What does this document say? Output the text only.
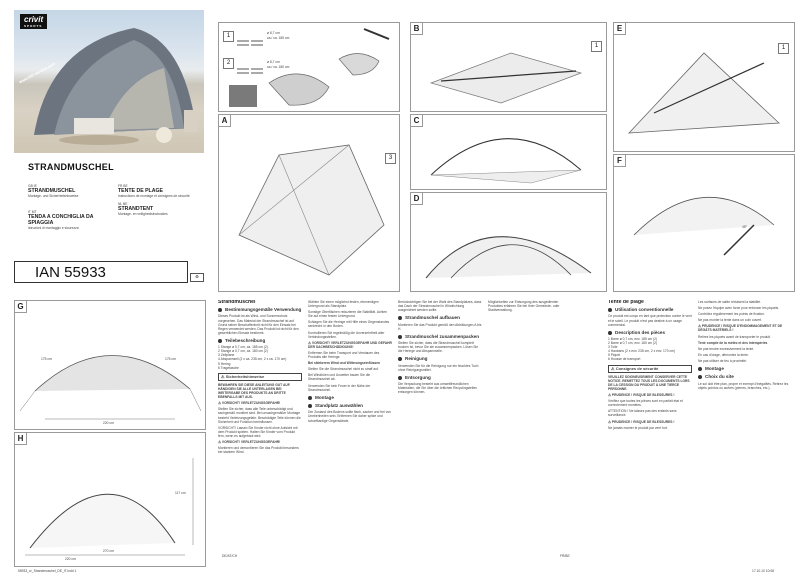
crivit
SPORTS
www.lidl-service.com
STRANDMUSCHEL
GB IE
STRANDMUSCHEL
Montage- und Sicherheitshinweise
IT MT
TENDA A CONCHIGLIA DA SPIAGGIA
Istruzioni di montaggio e sicurezza
FR BE
TENTE DE PLAGE
Instructions de montage et consignes de sécurité
NL BE
STRANDTENT
Montage- en veiligheidsinstructies
IAN 55933	♻
1
2
ø 8,7 cm
ca./ ca. 185 cm
ø 8,7 cm
ca./ ca. 180 cm
A
3
B
1
C
D
E
1
F
45°
G
175 cm	175 cm
220 cm
H
117 cm
270 cm
220 cm
Strandmuschel
Bestimmungsgemäße Verwendung

Dieses Produkt ist als Wind- und Sonnenschutz vorgesehen. Das Material der Strandmuschel ist auf Grund seiner Beschaffenheit nicht für den Einsatz bei Regen verwendet werden. Das Produkt ist nicht für den gewerblichen Einsatz bestimmt.

Teilebeschreibung
1 Stange ø 0,7 cm, ca. 185 cm (2)
2 Stange ø 0,7 cm, ca. 180 cm (2)
3 Zeltplane
4 Abspannseil (2 x ca. 235 cm, 2 x ca. 170 cm)
5 Hering
6 Tragetasche
⚠ Sicherheitshinweise

BEWAHREN SIE DIESE ANLEITUNG GUT AUF. HÄNDIGEN SIE ALLE UNTERLAGEN BEI WEITERGABE DES PRODUKTS AN DRITTE EBENFALLS MIT AUS.

⚠ VORSICHT! VERLETZUNGSGEFAHR!

Stellen Sie sicher, dass alle Teile unbeschädigt und sachgemäß montiert sind. Bei unsachgemäßer Montage besteht Verletzungsgefahr. Beschädigte Teile können die Sicherheit und Funktion beeinflussen.

VORSICHT! Lassen Sie Kinder nicht ohne Aufsicht mit dem Produkt spielen. Halten Sie Kinder vom Produkt fern, wenn es aufgebaut wird.

⚠ VORSICHT! VERLETZUNGSGEFAHR!

Montieren und demontieren Sie das Produkt besonders bei starkem Wind.

Wählen Sie einen möglichst festen, ebenerdigen Untergrund als Standplatz.

Sonstige Oberflächen reduzieren die Stabilität. Achten Sie auf einen festen Untergrund.

Schlagen Sie die Heringe mit Hilfe eines Gegenstandes senkrecht in den Boden.

Kontrollieren Sie regelmäßig die Unversehrtheit aller Verbindungsstellen.

⚠ VORSICHT! VERLETZUNGSGEFAHR UND GEFAHR DER SACHBESCHÄDIGUNG!

Entfernen Sie beim Transport und Verstauen des Produkts alle Heringe.

Bei stärkerem Wind und Witterungseinflüssen

Stellen Sie die Strandmuschel nicht zu straff auf.

Bei Windböen und Unwetter bauen Sie die Strandmuschel ab.

Verwenden Sie kein Feuer in der Nähe der Strandmuschel.

Montage
Standplatz auswählen

Der Zustand des Bodens sollte flach, sauber und frei von Unebenheiten sein. Entfernen Sie daher spitze und scharfkantige Gegenstände.

Berücksichtigen Sie bei der Wahl des Standplatzes, dass das Dach der Strandmuschel in Windrichtung ausgerichtet werden sollte.

Strandmuschel aufbauen

Montieren Sie das Produkt gemäß den Abbildungen A bis H.

Strandmuschel zusammenpacken

Stellen Sie sicher, dass die Strandmuschel komplett trocken ist, bevor Sie sie zusammenpacken. Lösen Sie die Heringe und Abspannseile.

Reinigung

Verwenden Sie für die Reinigung nur ein feuchtes Tuch ohne Reinigungsmittel.

Entsorgung

Die Verpackung besteht aus umweltfreundlichen Materialien, die Sie über die örtlichen Recyclingstellen entsorgen können.

Möglichkeiten zur Entsorgung des ausgedienten Produktes erfahren Sie bei Ihrer Gemeinde- oder Stadtverwaltung.

Tente de plage
Utilisation conventionnelle

Ce produit est conçu en tant que protection contre le vent et le soleil. Le produit n'est pas destiné à un usage commercial.

Description des pièces
1 Barre ø 0,7 cm, env. 185 cm (2)
2 Barre ø 0,7 cm, env. 180 cm (2)
3 Toile
4 Haubans (2 x env. 235 cm, 2 x env. 170 cm)
5 Piquet
6 Housse de transport
⚠ Consignes de sécurité

VEUILLEZ SOIGNEUSEMENT CONSERVER CETTE NOTICE. REMETTEZ TOUS LES DOCUMENTS LORS DE LA CESSION DU PRODUIT À UNE TIERCE PERSONNE.

⚠ PRUDENCE ! RISQUE DE BLESSURES !

Vérifiez que toutes les pièces sont en parfait état et correctement montées.

ATTENTION ! Ne laissez pas des enfants sans surveillance.

⚠ PRUDENCE ! RISQUE DE BLESSURES !

Ne jamais monter le produit par vent fort.

Les surfaces de sable réduisent la stabilité.

Ne posez l'équipe avec force pour enfoncer les piquets.

Contrôlez régulièrement les points de fixation.

Ne pas monter la tente dans un coin ouvert.

⚠ PRUDENCE ! RISQUE D'ENDOMMAGEMENT ET DE DÉGÂTS MATÉRIELS !

Retirez les piquets avant de transporter le produit.

Tenir compte de la météo et des intempéries

Ne pas tendre excessivement la tente.

En cas d'orage, démontez la tente.

Ne pas utiliser de feu à proximité.

Montage
Choix du site

Le sol doit être plan, propre et exempt d'inégalités. Retirez les objets pointus ou acérés (pierres, branches, etc.).

DE/AT/CH	FR/BE
55933_cr_Strandmuschel_DE_IT.indd 1	17.10.10 10:08
